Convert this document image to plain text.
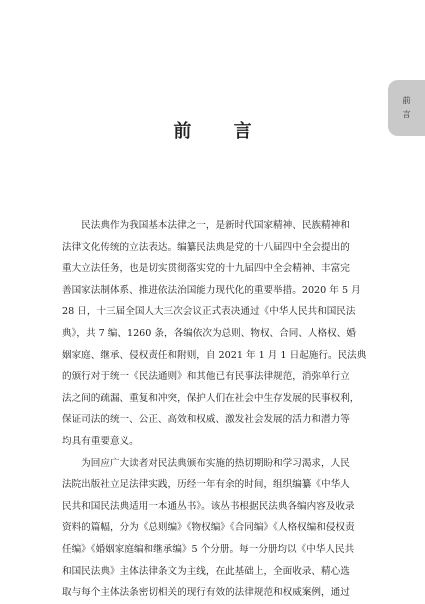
前
言
前 言

　　民法典作为我国基本法律之一，是新时代国家精神、民族精神和

法律文化传统的立法表达。编纂民法典是党的十八届四中全会提出的

重大立法任务，也是切实贯彻落实党的十九届四中全会精神、丰富完

善国家法制体系、推进依法治国能力现代化的重要举措。2020 年 5 月

28 日，十三届全国人大三次会议正式表决通过《中华人民共和国民法

典》，共 7 编、1260 条，各编依次为总则、物权、合同、人格权、婚

姻家庭、继承、侵权责任和附则，自 2021 年 1 月 1 日起施行。民法典

的颁行对于统一《民法通则》和其他已有民事法律规范，消弥单行立

法之间的疏漏、重复和冲突，保护人们在社会中生存发展的民事权利，

保证司法的统一、公正、高效和权威、激发社会发展的活力和潜力等

均具有重要意义。

　　为回应广大读者对民法典颁布实施的热切期盼和学习渴求，人民

法院出版社立足法律实践，历经一年有余的时间，组织编纂《中华人

民共和国民法典适用一本通丛书》。该丛书根据民法典各编内容及收录

资料的篇幅，分为《总则编》《物权编》《合同编》《人格权编和侵权责

任编》《婚姻家庭编和继承编》5 个分册。每一分册均以《中华人民共

和国民法典》主体法律条文为主线，在此基础上，全面收录、精心选

取与每个主体法条密切相关的现行有效的法律规范和权威案例，通过
